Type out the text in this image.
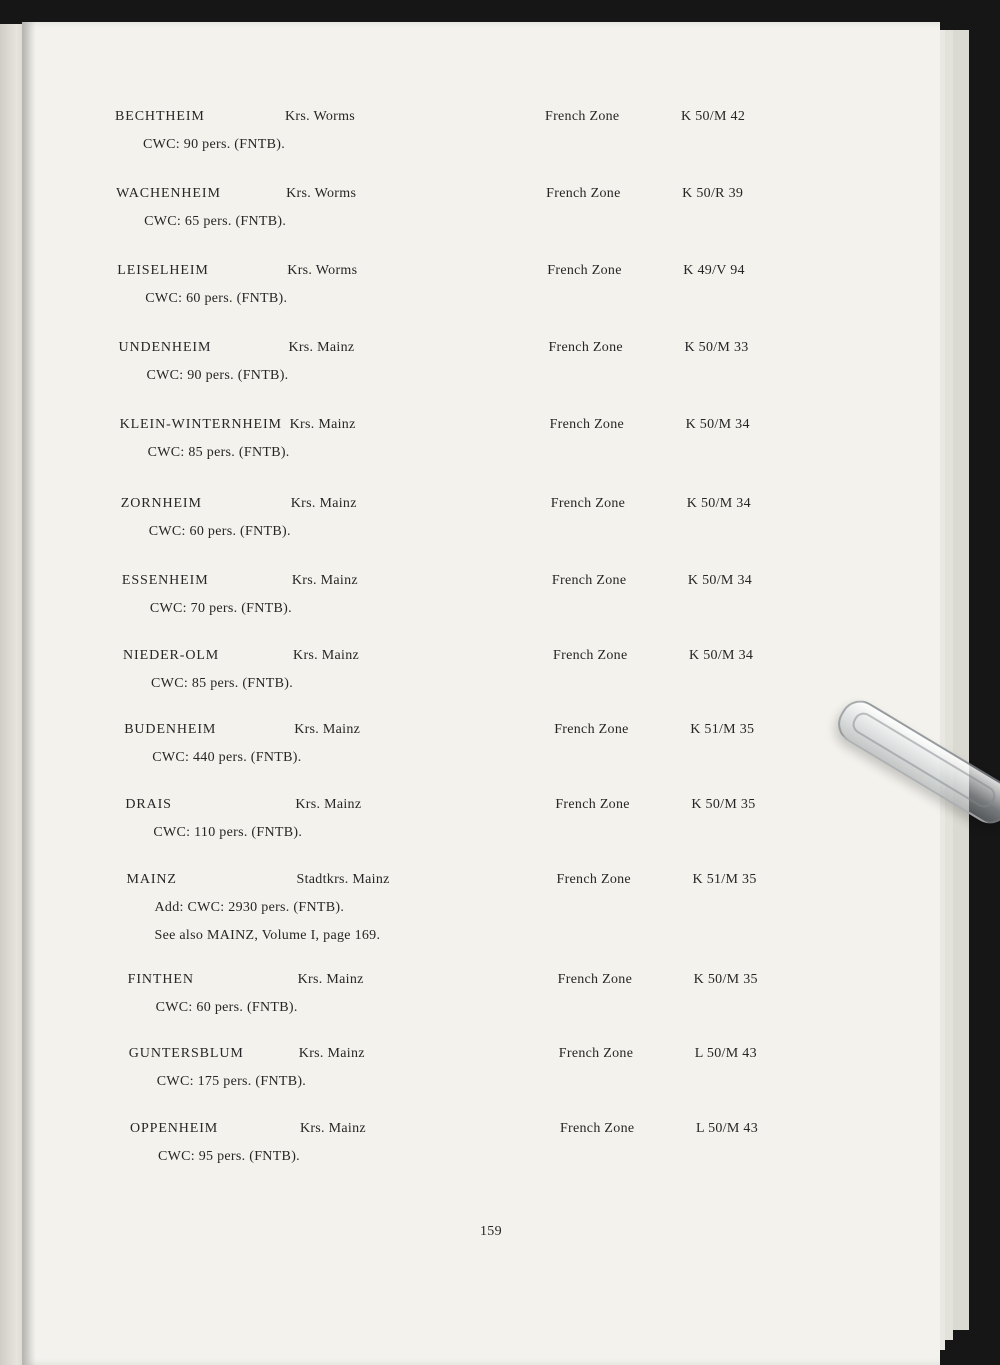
BECHTHEIM	Krs. Worms	French Zone	K 50/M 42
CWC: 90 pers. (FNTB).
WACHENHEIM	Krs. Worms	French Zone	K 50/R 39
CWC: 65 pers. (FNTB).
LEISELHEIM	Krs. Worms	French Zone	K 49/V 94
CWC: 60 pers. (FNTB).
UNDENHEIM	Krs. Mainz	French Zone	K 50/M 33
CWC: 90 pers. (FNTB).
KLEIN-WINTERNHEIM Krs. Mainz	French Zone	K 50/M 34
CWC: 85 pers. (FNTB).
ZORNHEIM	Krs. Mainz	French Zone	K 50/M 34
CWC: 60 pers. (FNTB).
ESSENHEIM	Krs. Mainz	French Zone	K 50/M 34
CWC: 70 pers. (FNTB).
NIEDER-OLM	Krs. Mainz	French Zone	K 50/M 34
CWC: 85 pers. (FNTB).
BUDENHEIM	Krs. Mainz	French Zone	K 51/M 35
CWC: 440 pers. (FNTB).
DRAIS	Krs. Mainz	French Zone	K 50/M 35
CWC: 110 pers. (FNTB).
MAINZ	Stadtkrs. Mainz	French Zone	K 51/M 35
Add: CWC: 2930 pers. (FNTB).
See also MAINZ, Volume I, page 169.
FINTHEN	Krs. Mainz	French Zone	K 50/M 35
CWC: 60 pers. (FNTB).
GUNTERSBLUM	Krs. Mainz	French Zone	L 50/M 43
CWC: 175 pers. (FNTB).
OPPENHEIM	Krs. Mainz	French Zone	L 50/M 43
CWC: 95 pers. (FNTB).
159
